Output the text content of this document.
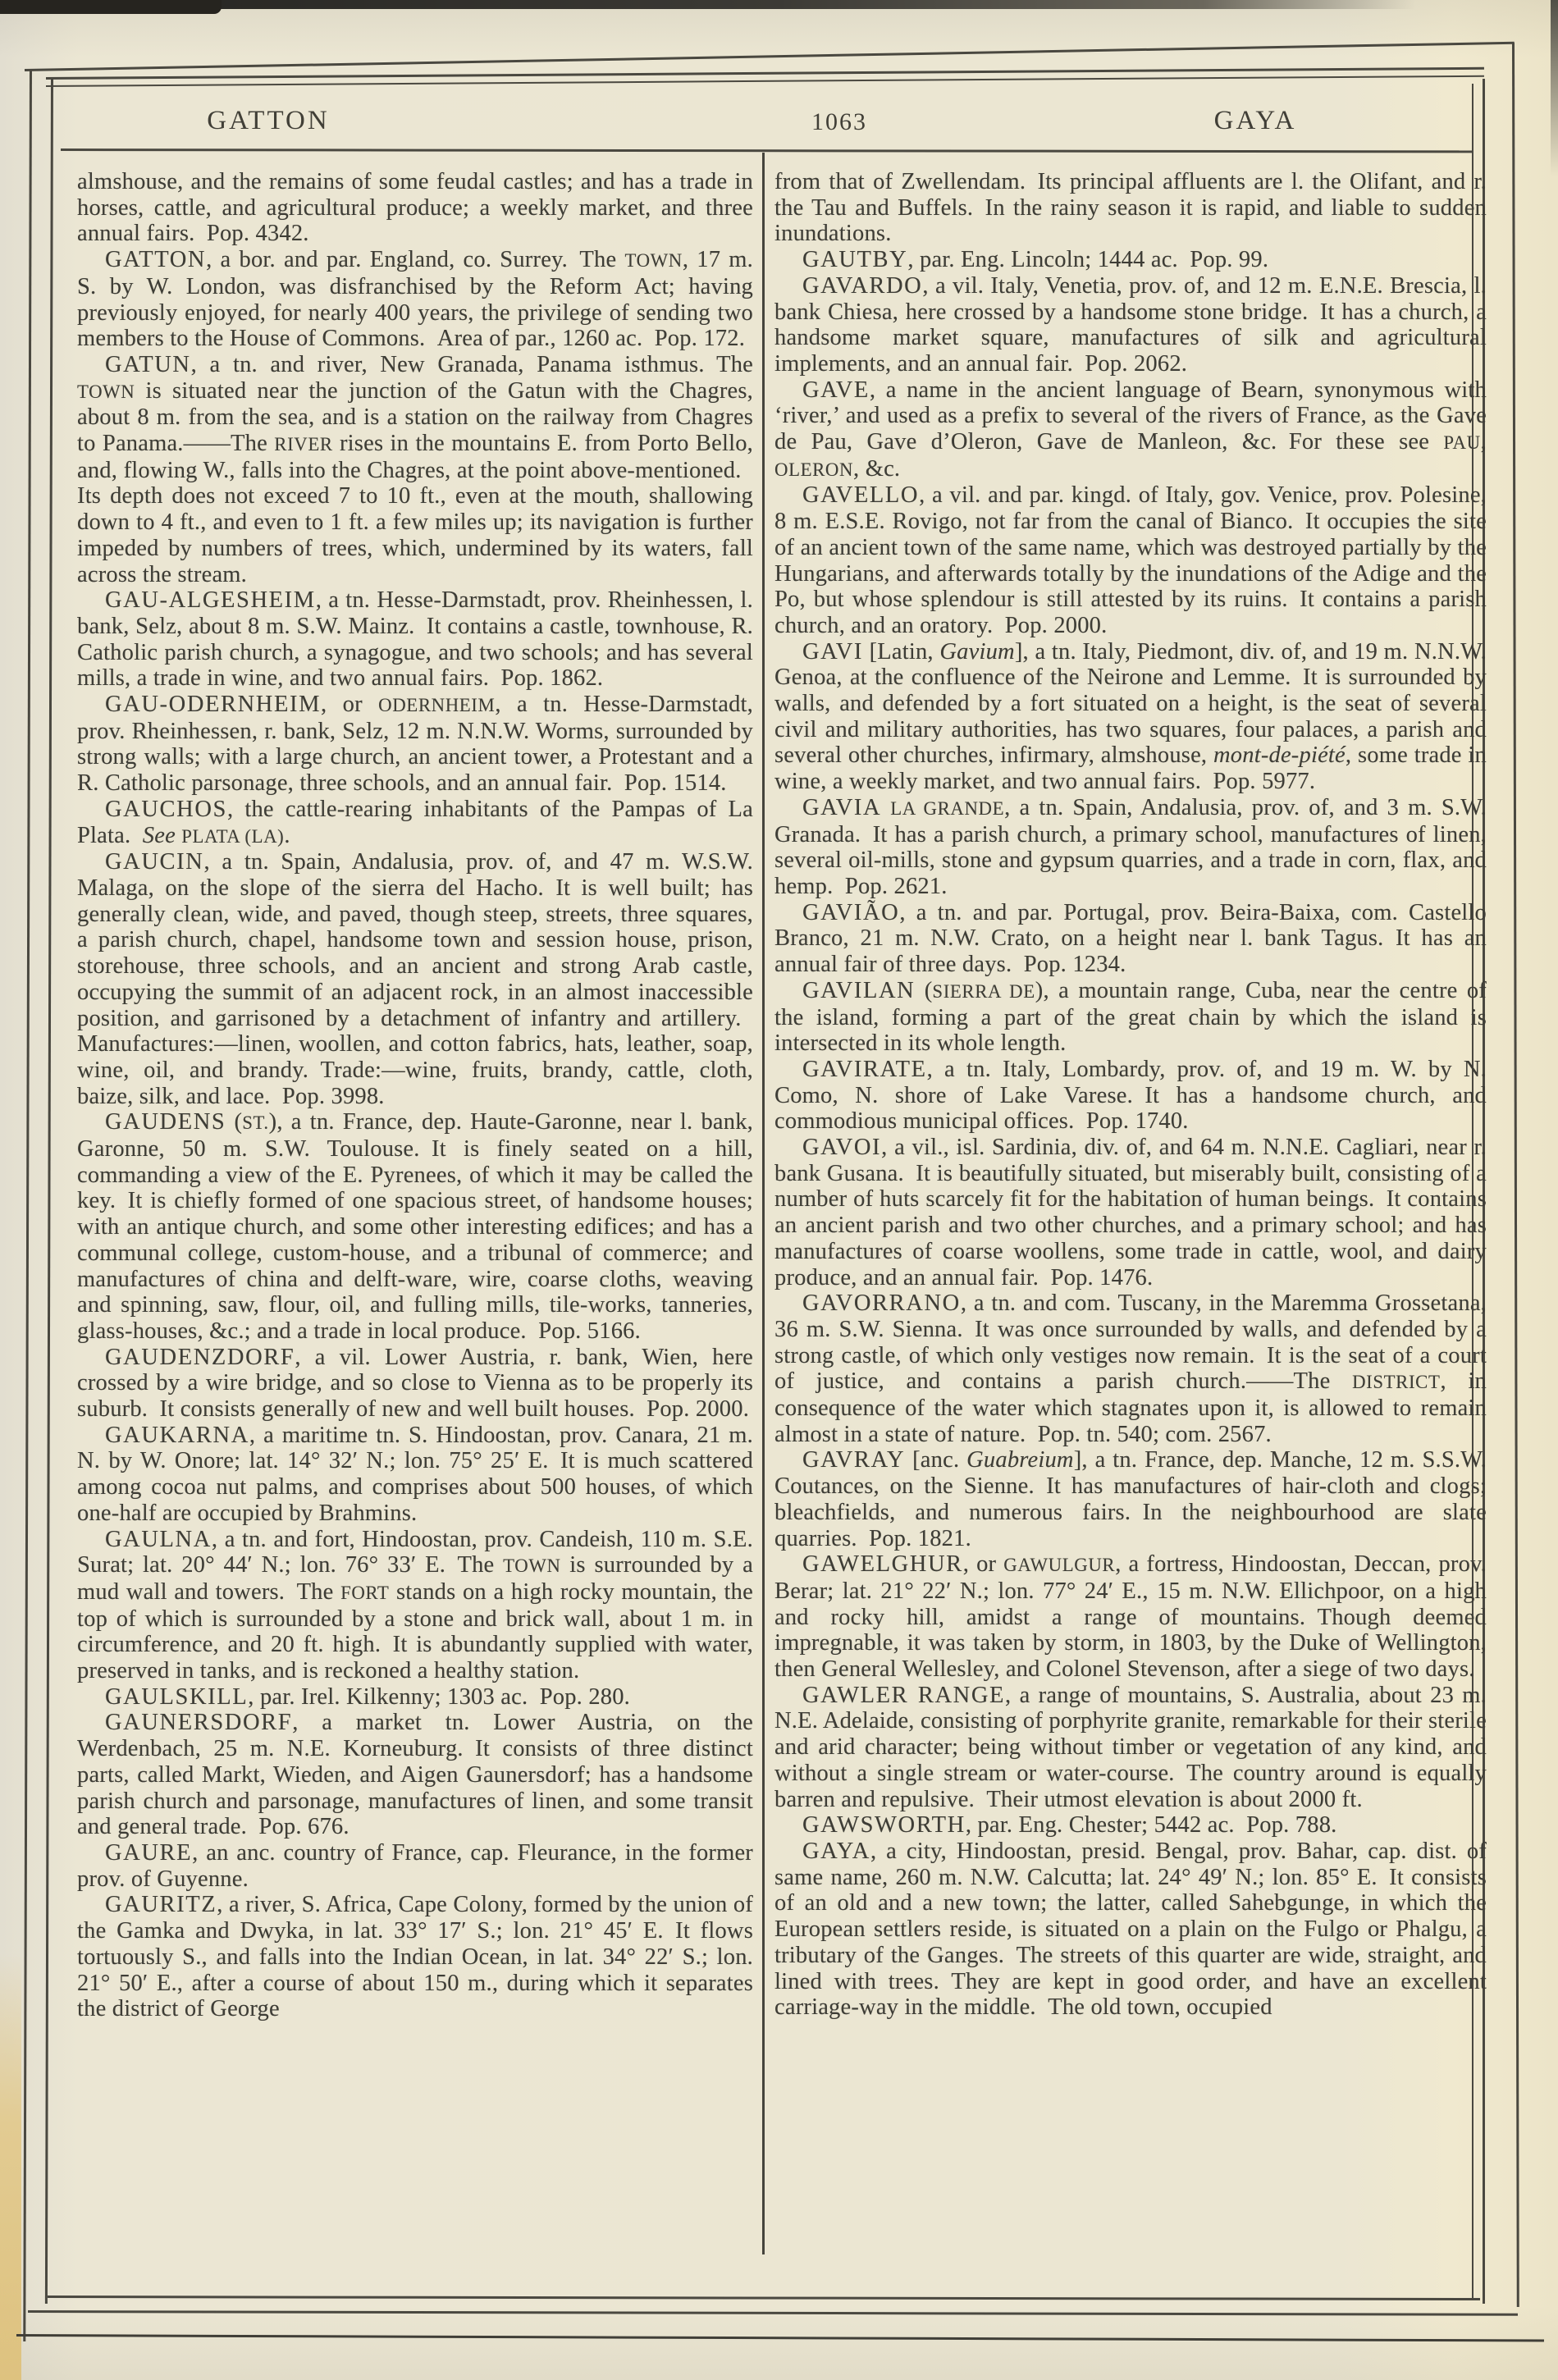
GATTON	1063	GAYA

almshouse, and the remains of some feudal castles; and has a trade in horses, cattle, and agricultural produce; a weekly market, and three annual fairs. Pop. 4342.

GATTON, a bor. and par. England, co. Surrey. The TOWN, 17 m. S. by W. London, was disfranchised by the Reform Act; having previously enjoyed, for nearly 400 years, the privilege of sending two members to the House of Commons. Area of par., 1260 ac. Pop. 172.

GATUN, a tn. and river, New Granada, Panama isthmus. The TOWN is situated near the junction of the Gatun with the Chagres, about 8 m. from the sea, and is a station on the railway from Chagres to Panama.——The RIVER rises in the mountains E. from Porto Bello, and, flowing W., falls into the Chagres, at the point above-mentioned. Its depth does not exceed 7 to 10 ft., even at the mouth, shallowing down to 4 ft., and even to 1 ft. a few miles up; its navigation is further impeded by numbers of trees, which, undermined by its waters, fall across the stream.

GAU-ALGESHEIM, a tn. Hesse-Darmstadt, prov. Rheinhessen, l. bank, Selz, about 8 m. S.W. Mainz. It contains a castle, townhouse, R. Catholic parish church, a synagogue, and two schools; and has several mills, a trade in wine, and two annual fairs. Pop. 1862.

GAU-ODERNHEIM, or ODERNHEIM, a tn. Hesse-Darmstadt, prov. Rheinhessen, r. bank, Selz, 12 m. N.N.W. Worms, surrounded by strong walls; with a large church, an ancient tower, a Protestant and a R. Catholic parsonage, three schools, and an annual fair. Pop. 1514.

GAUCHOS, the cattle-rearing inhabitants of the Pampas of La Plata. See PLATA (LA).

GAUCIN, a tn. Spain, Andalusia, prov. of, and 47 m. W.S.W. Malaga, on the slope of the sierra del Hacho. It is well built; has generally clean, wide, and paved, though steep, streets, three squares, a parish church, chapel, handsome town and session house, prison, storehouse, three schools, and an ancient and strong Arab castle, occupying the summit of an adjacent rock, in an almost inaccessible position, and garrisoned by a detachment of infantry and artillery. Manufactures:—linen, woollen, and cotton fabrics, hats, leather, soap, wine, oil, and brandy. Trade:—wine, fruits, brandy, cattle, cloth, baize, silk, and lace. Pop. 3998.

GAUDENS (ST.), a tn. France, dep. Haute-Garonne, near l. bank, Garonne, 50 m. S.W. Toulouse. It is finely seated on a hill, commanding a view of the E. Pyrenees, of which it may be called the key. It is chiefly formed of one spacious street, of handsome houses; with an antique church, and some other interesting edifices; and has a communal college, custom-house, and a tribunal of commerce; and manufactures of china and delft-ware, wire, coarse cloths, weaving and spinning, saw, flour, oil, and fulling mills, tile-works, tanneries, glass-houses, &c.; and a trade in local produce. Pop. 5166.

GAUDENZDORF, a vil. Lower Austria, r. bank, Wien, here crossed by a wire bridge, and so close to Vienna as to be properly its suburb. It consists generally of new and well built houses. Pop. 2000.

GAUKARNA, a maritime tn. S. Hindoostan, prov. Canara, 21 m. N. by W. Onore; lat. 14° 32′ N.; lon. 75° 25′ E. It is much scattered among cocoa nut palms, and comprises about 500 houses, of which one-half are occupied by Brahmins.

GAULNA, a tn. and fort, Hindoostan, prov. Candeish, 110 m. S.E. Surat; lat. 20° 44′ N.; lon. 76° 33′ E. The TOWN is surrounded by a mud wall and towers. The FORT stands on a high rocky mountain, the top of which is surrounded by a stone and brick wall, about 1 m. in circumference, and 20 ft. high. It is abundantly supplied with water, preserved in tanks, and is reckoned a healthy station.

GAULSKILL, par. Irel. Kilkenny; 1303 ac. Pop. 280.

GAUNERSDORF, a market tn. Lower Austria, on the Werdenbach, 25 m. N.E. Korneuburg. It consists of three distinct parts, called Markt, Wieden, and Aigen Gaunersdorf; has a handsome parish church and parsonage, manufactures of linen, and some transit and general trade. Pop. 676.

GAURE, an anc. country of France, cap. Fleurance, in the former prov. of Guyenne.

GAURITZ, a river, S. Africa, Cape Colony, formed by the union of the Gamka and Dwyka, in lat. 33° 17′ S.; lon. 21° 45′ E. It flows tortuously S., and falls into the Indian Ocean, in lat. 34° 22′ S.; lon. 21° 50′ E., after a course of about 150 m., during which it separates the district of George

from that of Zwellendam. Its principal affluents are l. the Olifant, and r. the Tau and Buffels. In the rainy season it is rapid, and liable to sudden inundations.

GAUTBY, par. Eng. Lincoln; 1444 ac. Pop. 99.

GAVARDO, a vil. Italy, Venetia, prov. of, and 12 m. E.N.E. Brescia, l. bank Chiesa, here crossed by a handsome stone bridge. It has a church, a handsome market square, manufactures of silk and agricultural implements, and an annual fair. Pop. 2062.

GAVE, a name in the ancient language of Bearn, synonymous with ‘river,’ and used as a prefix to several of the rivers of France, as the Gave de Pau, Gave d’Oleron, Gave de Manleon, &c. For these see PAU, OLERON, &c.

GAVELLO, a vil. and par. kingd. of Italy, gov. Venice, prov. Polesine, 8 m. E.S.E. Rovigo, not far from the canal of Bianco. It occupies the site of an ancient town of the same name, which was destroyed partially by the Hungarians, and afterwards totally by the inundations of the Adige and the Po, but whose splendour is still attested by its ruins. It contains a parish church, and an oratory. Pop. 2000.

GAVI [Latin, Gavium], a tn. Italy, Piedmont, div. of, and 19 m. N.N.W. Genoa, at the confluence of the Neirone and Lemme. It is surrounded by walls, and defended by a fort situated on a height, is the seat of several civil and military authorities, has two squares, four palaces, a parish and several other churches, infirmary, almshouse, mont-de-piété, some trade in wine, a weekly market, and two annual fairs. Pop. 5977.

GAVIA LA GRANDE, a tn. Spain, Andalusia, prov. of, and 3 m. S.W. Granada. It has a parish church, a primary school, manufactures of linen, several oil-mills, stone and gypsum quarries, and a trade in corn, flax, and hemp. Pop. 2621.

GAVIÃO, a tn. and par. Portugal, prov. Beira-Baixa, com. Castello Branco, 21 m. N.W. Crato, on a height near l. bank Tagus. It has an annual fair of three days. Pop. 1234.

GAVILAN (SIERRA DE), a mountain range, Cuba, near the centre of the island, forming a part of the great chain by which the island is intersected in its whole length.

GAVIRATE, a tn. Italy, Lombardy, prov. of, and 19 m. W. by N. Como, N. shore of Lake Varese. It has a handsome church, and commodious municipal offices. Pop. 1740.

GAVOI, a vil., isl. Sardinia, div. of, and 64 m. N.N.E. Cagliari, near r. bank Gusana. It is beautifully situated, but miserably built, consisting of a number of huts scarcely fit for the habitation of human beings. It contains an ancient parish and two other churches, and a primary school; and has manufactures of coarse woollens, some trade in cattle, wool, and dairy produce, and an annual fair. Pop. 1476.

GAVORRANO, a tn. and com. Tuscany, in the Maremma Grossetana, 36 m. S.W. Sienna. It was once surrounded by walls, and defended by a strong castle, of which only vestiges now remain. It is the seat of a court of justice, and contains a parish church.——The DISTRICT, in consequence of the water which stagnates upon it, is allowed to remain almost in a state of nature. Pop. tn. 540; com. 2567.

GAVRAY [anc. Guabreium], a tn. France, dep. Manche, 12 m. S.S.W. Coutances, on the Sienne. It has manufactures of hair-cloth and clogs; bleachfields, and numerous fairs. In the neighbourhood are slate quarries. Pop. 1821.

GAWELGHUR, or GAWULGUR, a fortress, Hindoostan, Deccan, prov. Berar; lat. 21° 22′ N.; lon. 77° 24′ E., 15 m. N.W. Ellichpoor, on a high and rocky hill, amidst a range of mountains. Though deemed impregnable, it was taken by storm, in 1803, by the Duke of Wellington, then General Wellesley, and Colonel Stevenson, after a siege of two days.

GAWLER RANGE, a range of mountains, S. Australia, about 23 m. N.E. Adelaide, consisting of porphyrite granite, remarkable for their sterile and arid character; being without timber or vegetation of any kind, and without a single stream or water-course. The country around is equally barren and repulsive. Their utmost elevation is about 2000 ft.

GAWSWORTH, par. Eng. Chester; 5442 ac. Pop. 788.

GAYA, a city, Hindoostan, presid. Bengal, prov. Bahar, cap. dist. of same name, 260 m. N.W. Calcutta; lat. 24° 49′ N.; lon. 85° E. It consists of an old and a new town; the latter, called Sahebgunge, in which the European settlers reside, is situated on a plain on the Fulgo or Phalgu, a tributary of the Ganges. The streets of this quarter are wide, straight, and lined with trees. They are kept in good order, and have an excellent carriage-way in the middle. The old town, occupied
